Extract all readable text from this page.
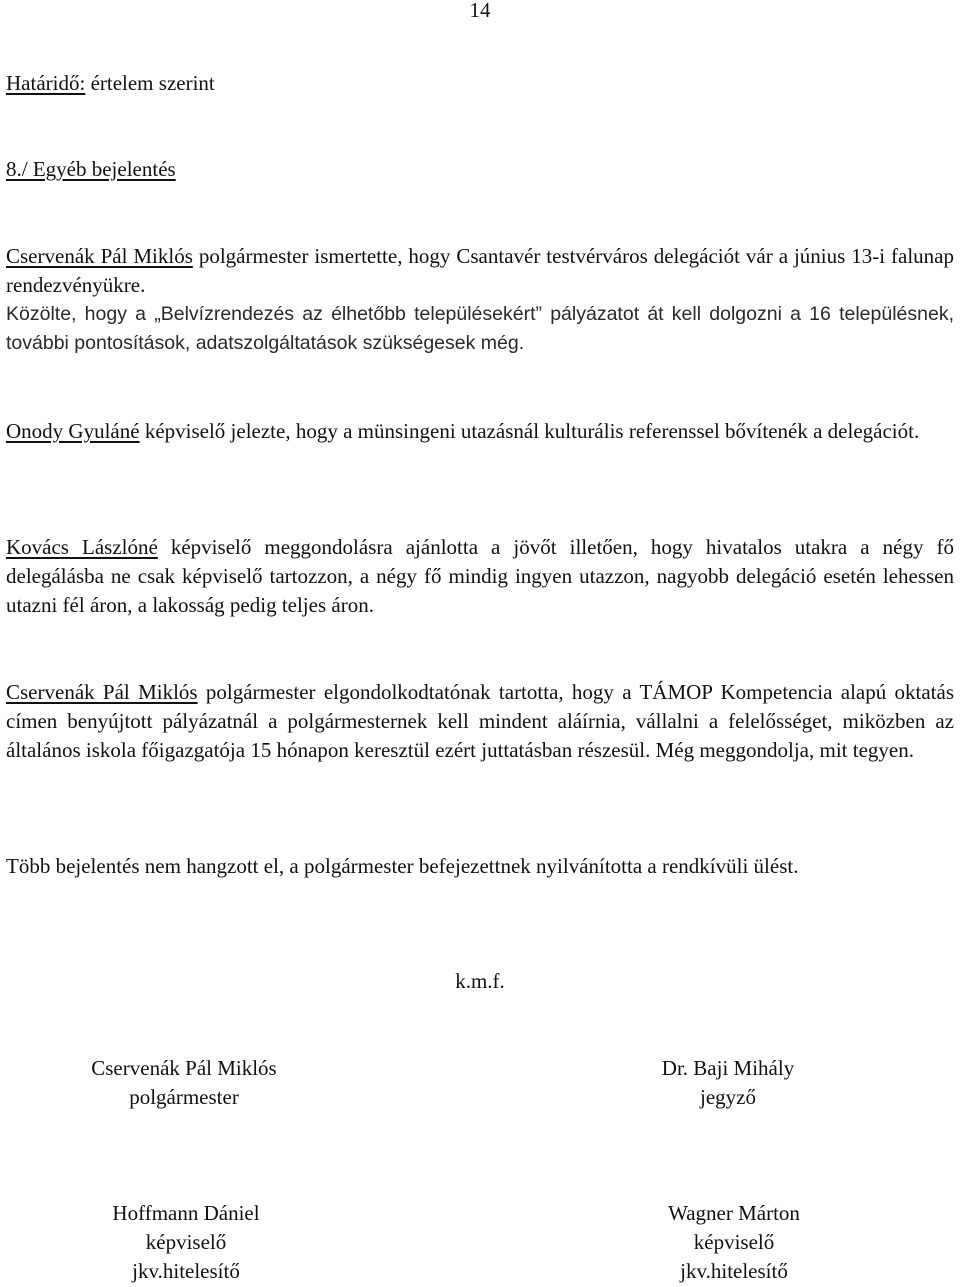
14

Határidő: értelem szerint

8./ Egyéb bejelentés

Cservenák Pál Miklós polgármester ismertette, hogy Csantavér testvérváros delegációt vár a június 13-i falunap rendezvényükre.

Közölte, hogy a „Belvízrendezés az élhetőbb településekért” pályázatot át kell dolgozni a 16 településnek, további pontosítások, adatszolgáltatások szükségesek még.

Onody Gyuláné képviselő jelezte, hogy a münsingeni utazásnál kulturális referenssel bővítenék a delegációt.

Kovács Lászlóné képviselő meggondolásra ajánlotta a jövőt illetően, hogy hivatalos utakra a négy fő delegálásba ne csak képviselő tartozzon, a négy fő mindig ingyen utazzon, nagyobb delegáció esetén lehessen utazni fél áron, a lakosság pedig teljes áron.

Cservenák Pál Miklós polgármester elgondolkodtatónak tartotta, hogy a TÁMOP Kompetencia alapú oktatás címen benyújtott pályázatnál a polgármesternek kell mindent aláírnia, vállalni a felelősséget, miközben az általános iskola főigazgatója 15 hónapon keresztül ezért juttatásban részesül. Még meggondolja, mit tegyen.

Több bejelentés nem hangzott el, a polgármester befejezettnek nyilvánította a rendkívüli ülést.

k.m.f.
Cservenák Pál Miklós
polgármester
Dr. Baji Mihály
jegyző
Hoffmann Dániel
képviselő
jkv.hitelesítő
Wagner Márton
képviselő
jkv.hitelesítő
